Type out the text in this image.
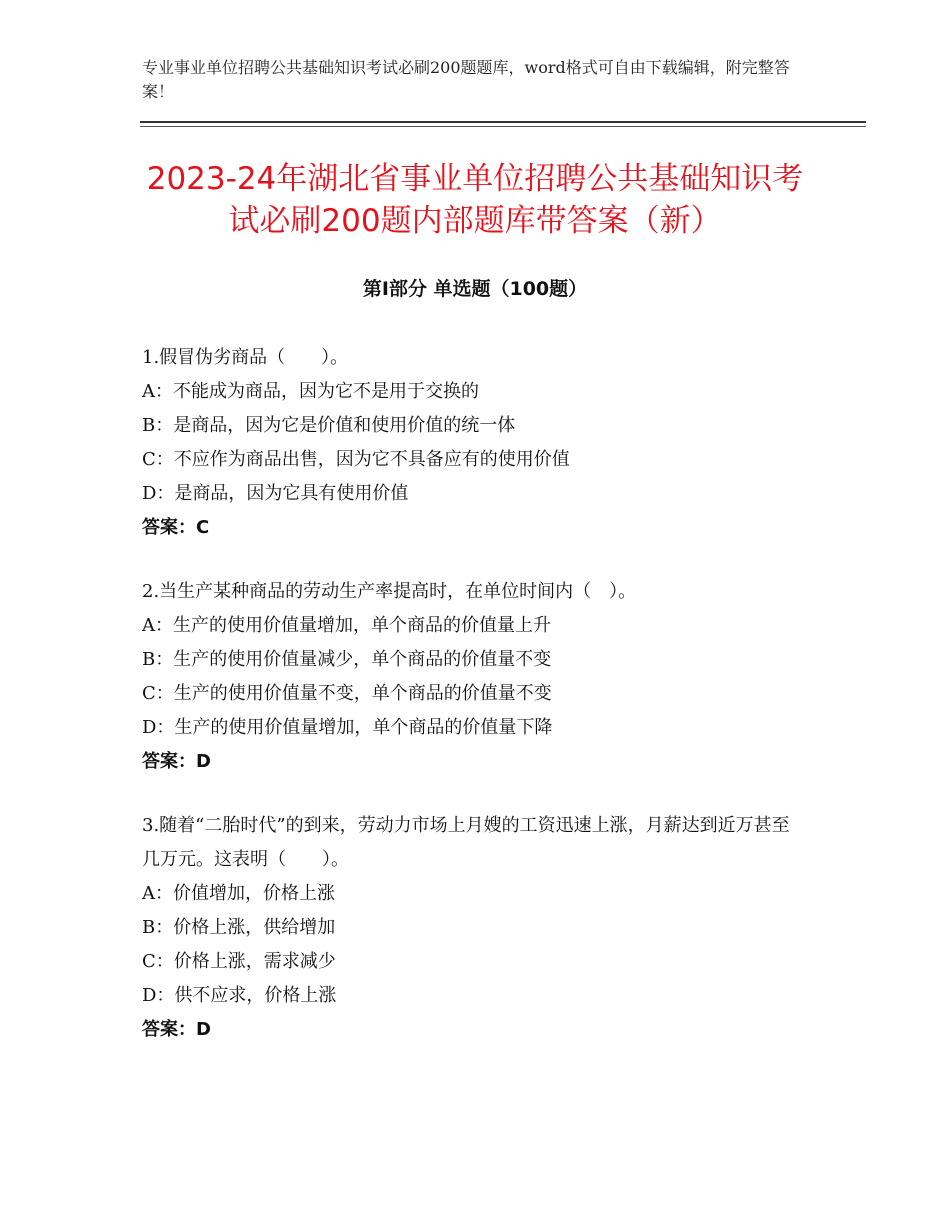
专业事业单位招聘公共基础知识考试必刷200题题库，word格式可自由下载编辑，附完整答案！
2023-24年湖北省事业单位招聘公共基础知识考试必刷200题内部题库带答案（新）
第Ⅰ部分 单选题（100题）
1.假冒伪劣商品（　　）。
A：不能成为商品，因为它不是用于交换的
B：是商品，因为它是价值和使用价值的统一体
C：不应作为商品出售，因为它不具备应有的使用价值
D：是商品，因为它具有使用价值
答案：C
2.当生产某种商品的劳动生产率提高时，在单位时间内（　）。
A：生产的使用价值量增加，单个商品的价值量上升
B：生产的使用价值量减少，单个商品的价值量不变
C：生产的使用价值量不变，单个商品的价值量不变
D：生产的使用价值量增加，单个商品的价值量下降
答案：D
3.随着“二胎时代”的到来，劳动力市场上月嫂的工资迅速上涨，月薪达到近万甚至几万元。这表明（　　）。
A：价值增加，价格上涨
B：价格上涨，供给增加
C：价格上涨，需求减少
D：供不应求，价格上涨
答案：D
